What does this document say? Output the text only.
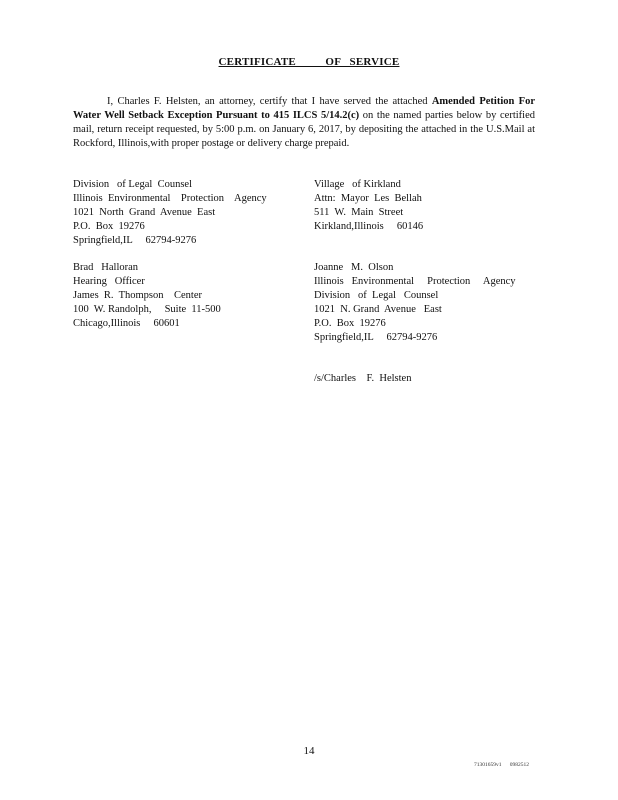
CERTIFICATE          OF   SERVICE
I, Charles F. Helsten, an attorney, certify that I have served the attached Amended Petition For Water Well Setback Exception Pursuant to 415 ILCS 5/14.2(c) on the named parties below by certified mail, return receipt requested, by 5:00 p.m. on January 6, 2017, by depositing the attached in the U.S.Mail at Rockford, Illinois,with proper postage or delivery charge prepaid.
Division   of Legal  Counsel
Illinois  Environmental    Protection    Agency
1021  North  Grand  Avenue  East
P.O.  Box  19276
Springfield,IL     62794-9276
Village   of Kirkland
Attn:  Mayor  Les  Bellah
511  W.  Main  Street
Kirkland,Illinois     60146
Brad   Halloran
Hearing   Officer
James  R.  Thompson    Center
100  W. Randolph,     Suite  11-500
Chicago,Illinois     60601
Joanne   M.  Olson
Illinois   Environmental     Protection     Agency
Division   of  Legal   Counsel
1021  N. Grand  Avenue   East
P.O.  Box  19276
Springfield,IL     62794-9276
/s/Charles    F.  Helsten
14
71301659v1      0982512
